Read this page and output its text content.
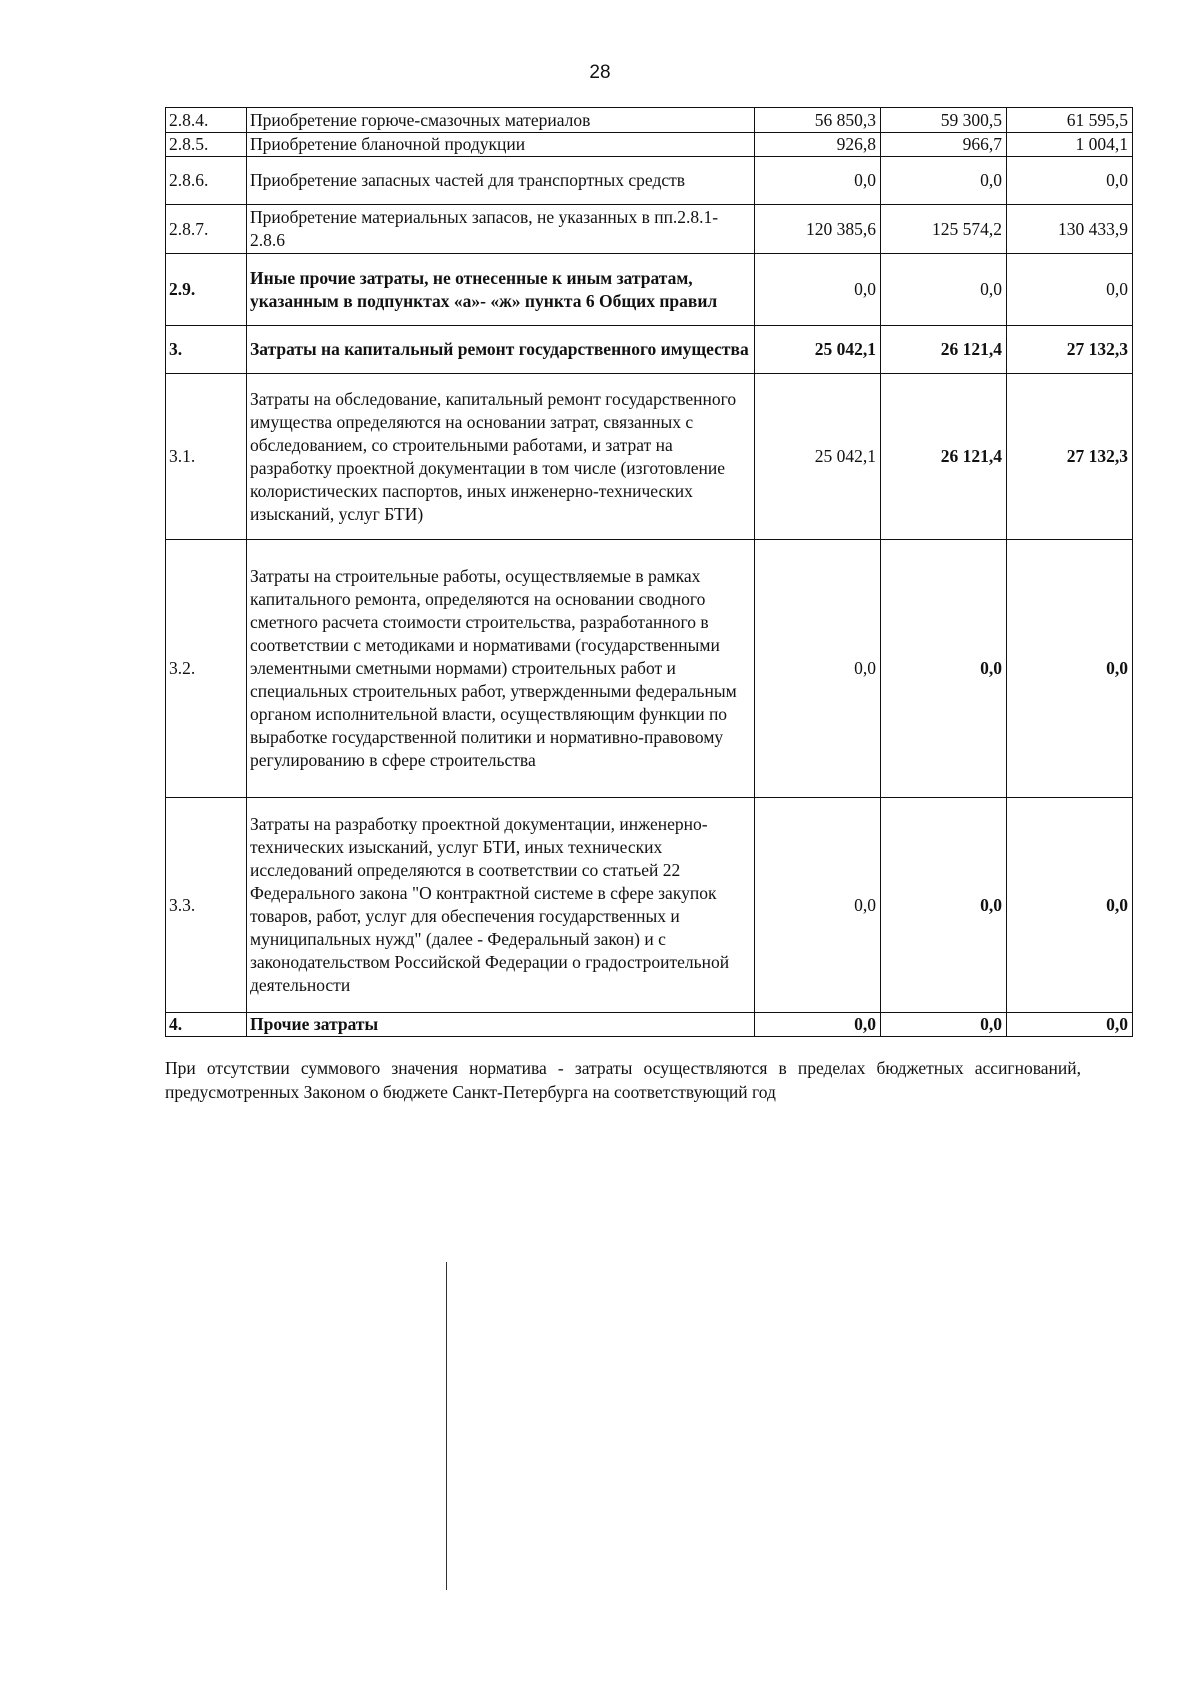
28
2.8.4.	Приобретение горюче-смазочных материалов	56 850,3	59 300,5	61 595,5
2.8.5.	Приобретение бланочной продукции	926,8	966,7	1 004,1
2.8.6.	Приобретение запасных частей для транспортных средств	0,0	0,0	0,0
2.8.7.	Приобретение материальных запасов, не указанных в пп.2.8.1-2.8.6	120 385,6	125 574,2	130 433,9
2.9.	Иные прочие затраты, не отнесенные к иным затратам, указанным в подпунктах «а»- «ж» пункта 6 Общих правил	0,0	0,0	0,0
3.	Затраты на капитальный ремонт государственного имущества	25 042,1	26 121,4	27 132,3
3.1.	Затраты на обследование, капитальный ремонт государственного имущества определяются на основании затрат, связанных с обследованием, со строительными работами, и затрат на разработку проектной документации в том числе (изготовление колористических паспортов, иных инженерно-технических изысканий, услуг БТИ)	25 042,1	26 121,4	27 132,3
3.2.	Затраты на строительные работы, осуществляемые в рамках капитального ремонта, определяются на основании сводного сметного расчета стоимости строительства, разработанного в соответствии с методиками и нормативами (государственными элементными сметными нормами) строительных работ и специальных строительных работ, утвержденными федеральным органом исполнительной власти, осуществляющим функции по выработке государственной политики и нормативно-правовому регулированию в сфере строительства	0,0	0,0	0,0
3.3.	Затраты на разработку проектной документации, инженерно-технических изысканий, услуг БТИ, иных технических исследований определяются в соответствии со статьей 22 Федерального закона "О контрактной системе в сфере закупок товаров, работ, услуг для обеспечения государственных и муниципальных нужд" (далее - Федеральный закон) и с законодательством Российской Федерации о градостроительной деятельности	0,0	0,0	0,0
4.	Прочие затраты	0,0	0,0	0,0

При отсутствии суммового значения норматива - затраты осуществляются в пределах бюджетных ассигнований, предусмотренных Законом о бюджете Санкт-Петербурга на соответствующий год
